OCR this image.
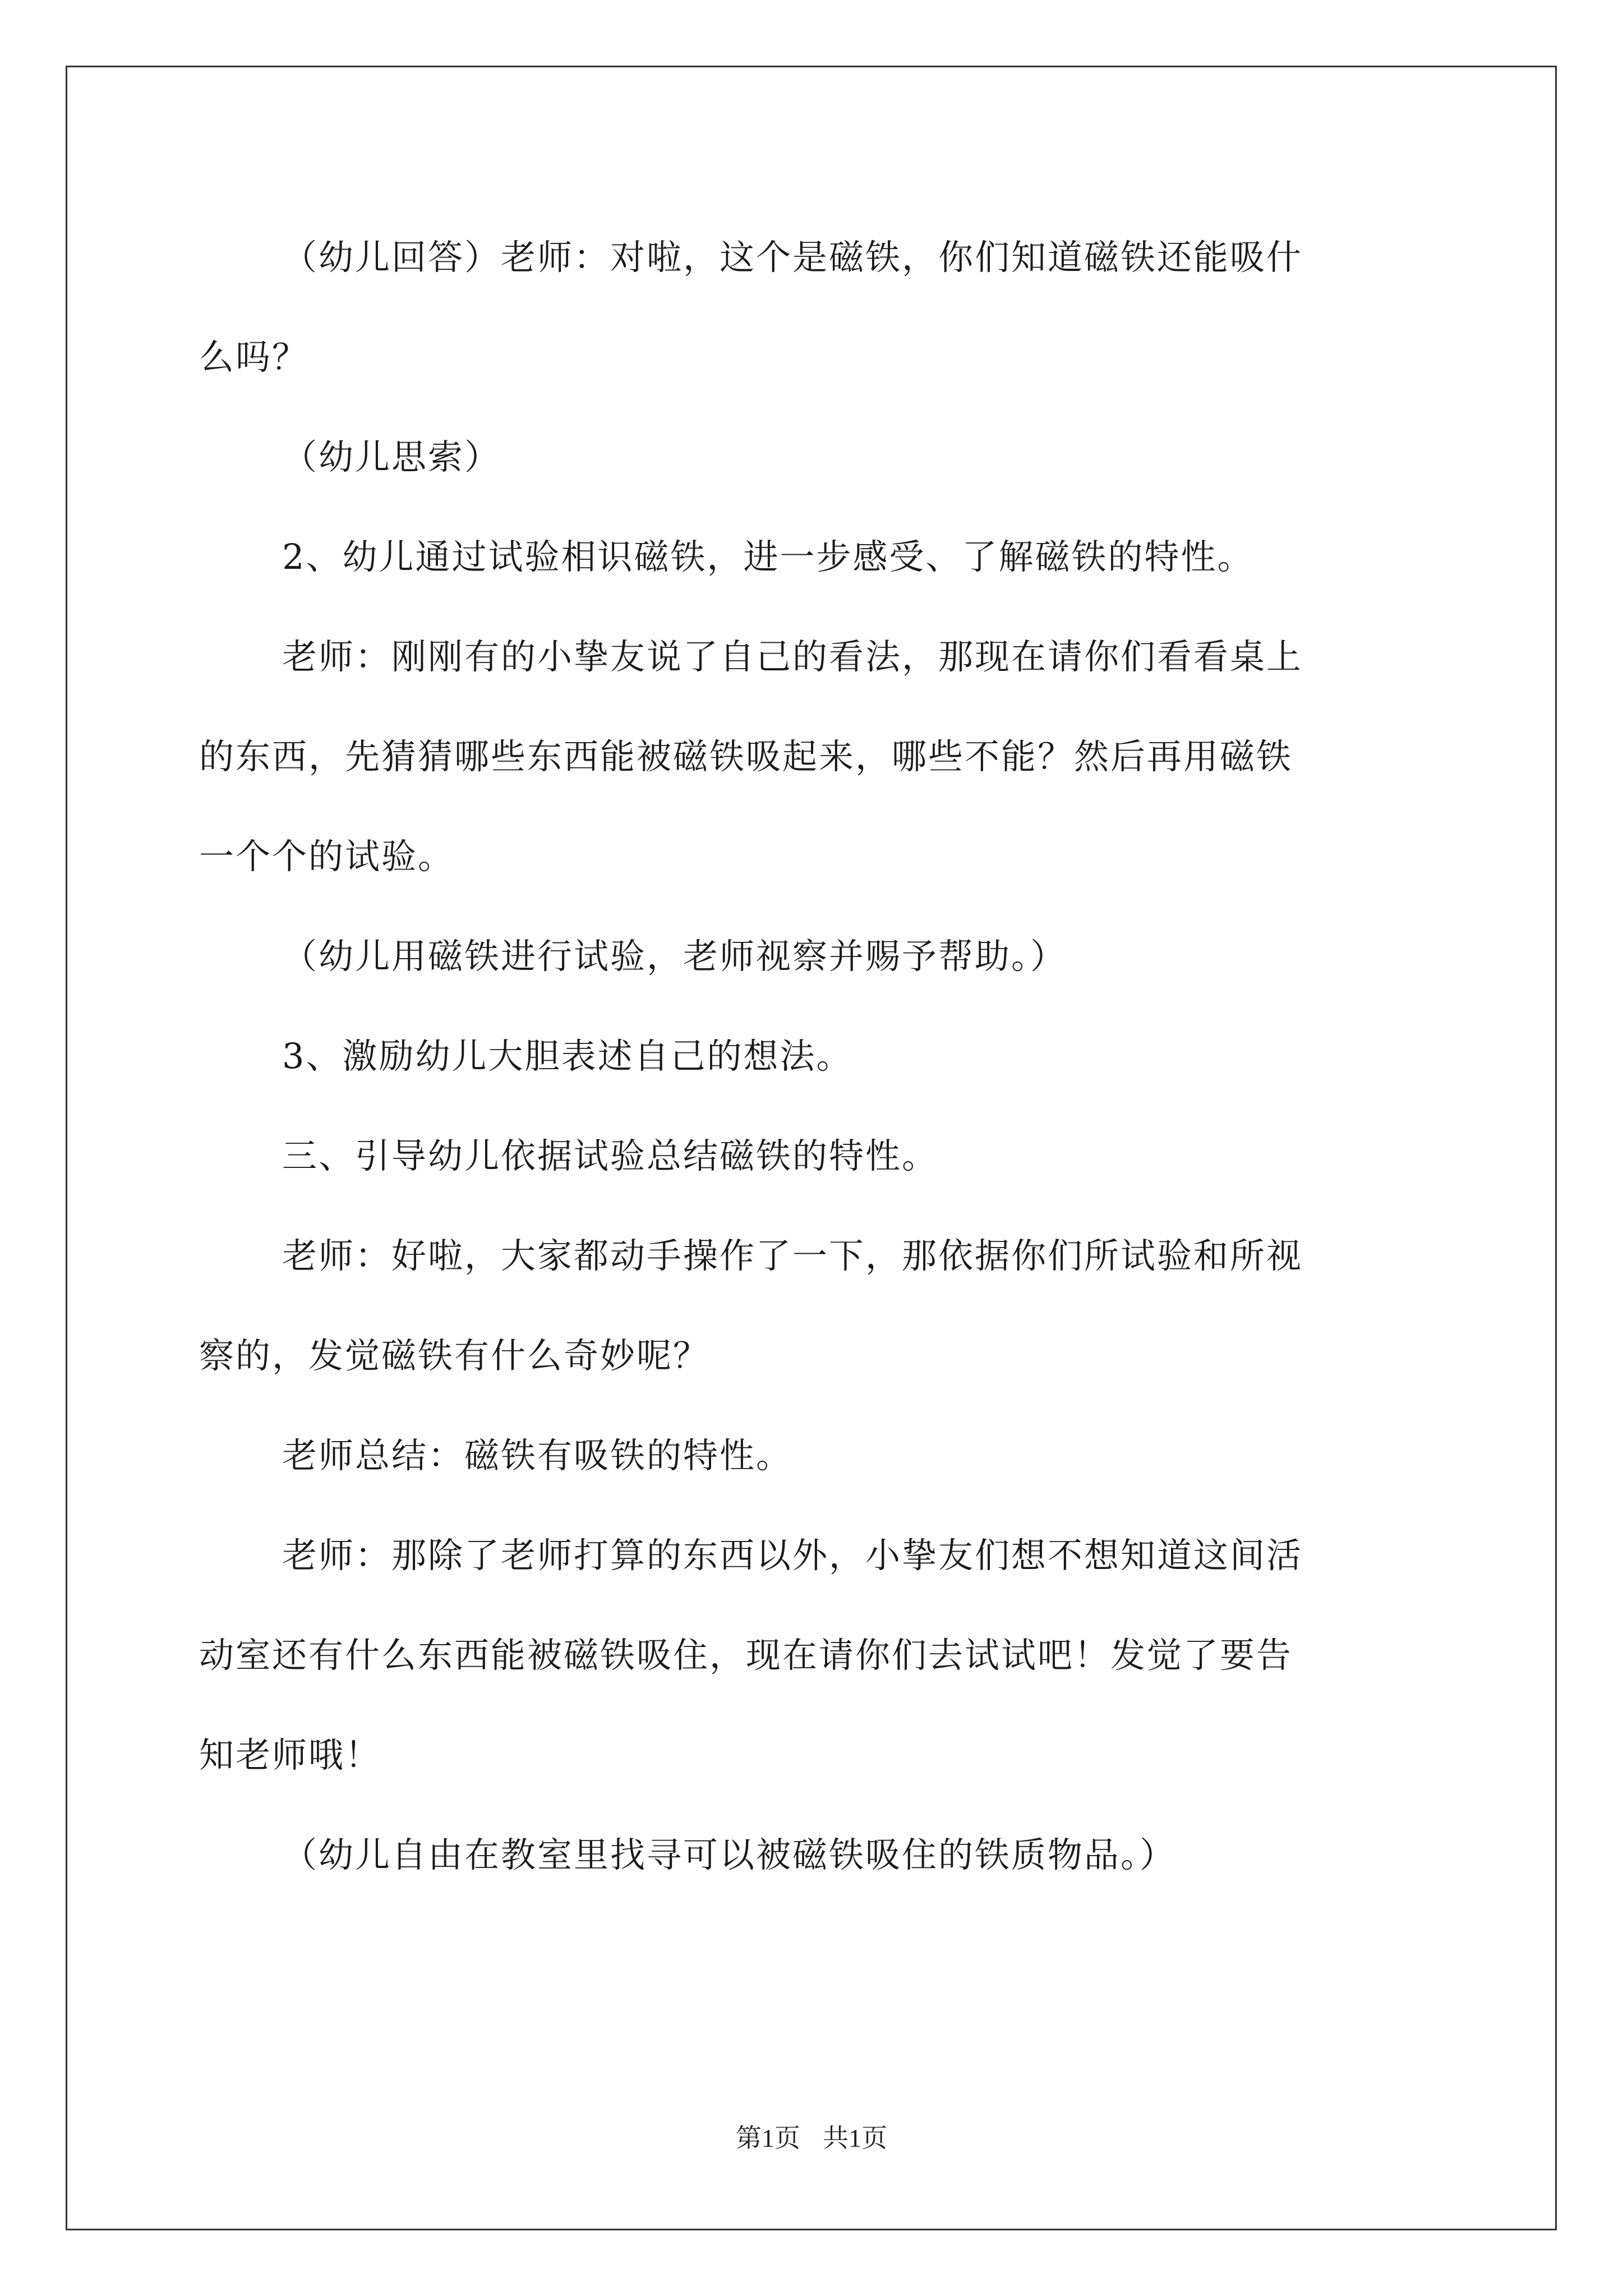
（幼儿回答）老师：对啦，这个是磁铁，你们知道磁铁还能吸什

么吗？

（幼儿思索）

2、幼儿通过试验相识磁铁，进一步感受、了解磁铁的特性。

老师：刚刚有的小挚友说了自己的看法，那现在请你们看看桌上

的东西，先猜猜哪些东西能被磁铁吸起来，哪些不能？然后再用磁铁

一个个的试验。

（幼儿用磁铁进行试验，老师视察并赐予帮助。）

3、激励幼儿大胆表述自己的想法。

三、引导幼儿依据试验总结磁铁的特性。

老师：好啦，大家都动手操作了一下，那依据你们所试验和所视

察的，发觉磁铁有什么奇妙呢？

老师总结：磁铁有吸铁的特性。

老师：那除了老师打算的东西以外，小挚友们想不想知道这间活

动室还有什么东西能被磁铁吸住，现在请你们去试试吧！发觉了要告

知老师哦！

（幼儿自由在教室里找寻可以被磁铁吸住的铁质物品。）

第1页 共1页
